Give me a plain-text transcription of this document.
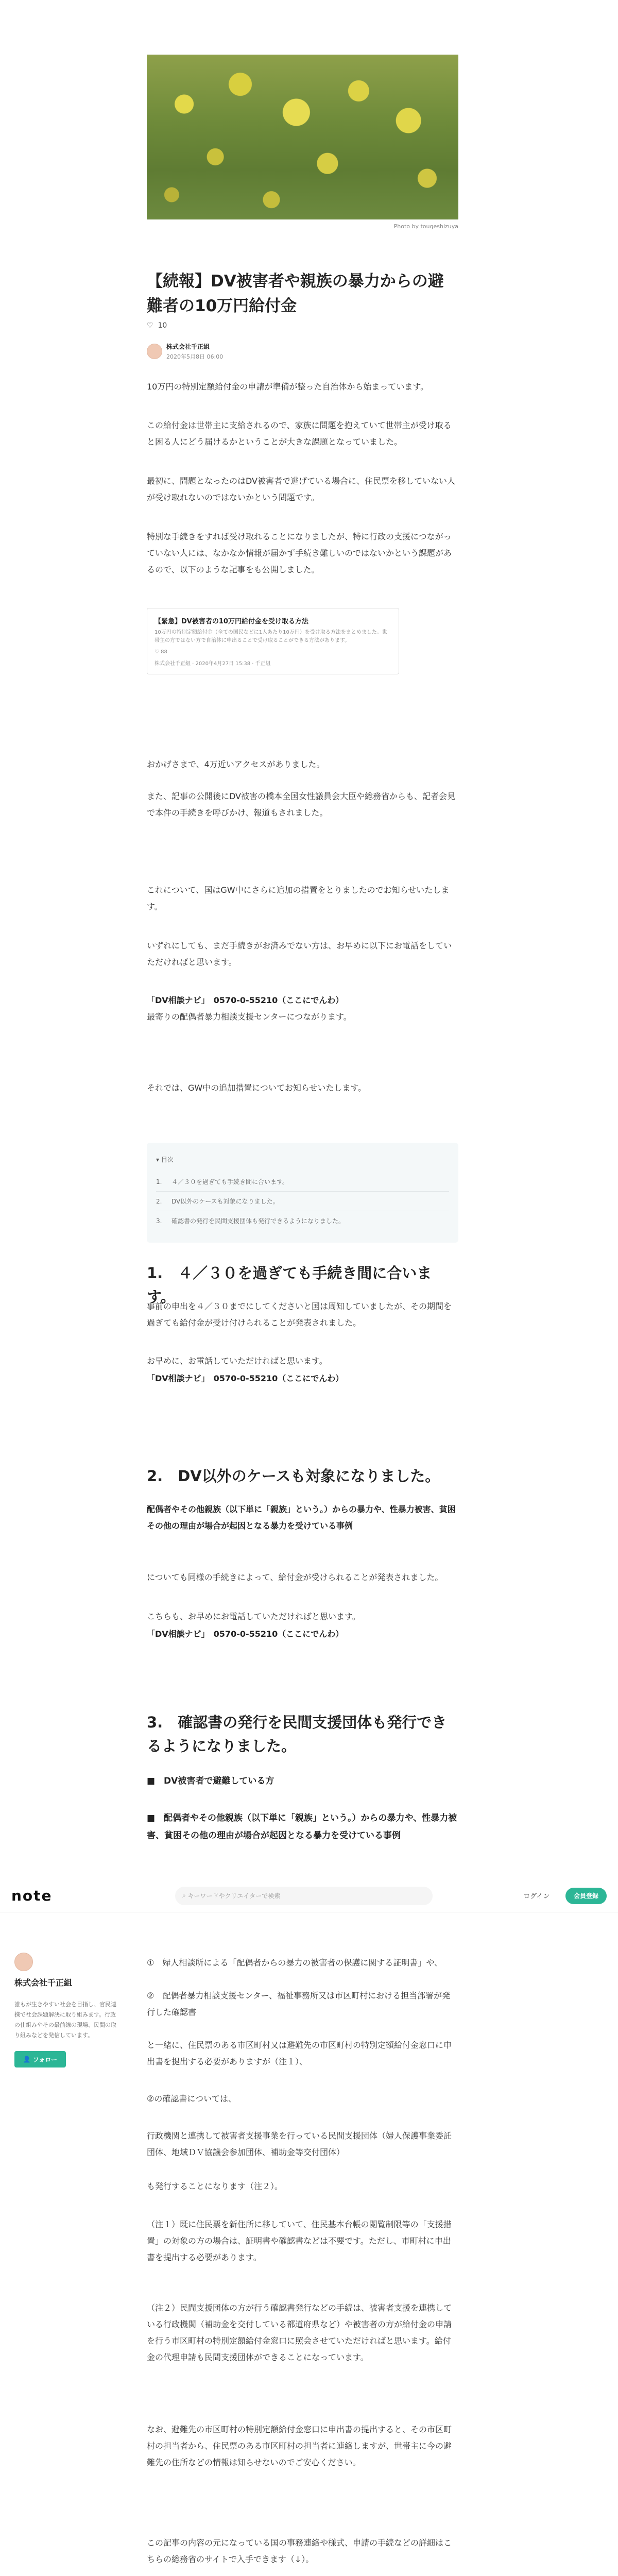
Photo by tougeshizuya
【続報】DV被害者や親族の暴力からの避難者の10万円給付金
♡ 10
株式会社千正組
2020年5月8日 06:00

10万円の特別定額給付金の申請が準備が整った自治体から始まっています。

この給付金は世帯主に支給されるので、家族に問題を抱えていて世帯主が受け取ると困る人にどう届けるかということが大きな課題となっていました。

最初に、問題となったのはDV被害者で逃げている場合に、住民票を移していない人が受け取れないのではないかという問題です。

特別な手続きをすれば受け取れることになりましたが、特に行政の支援につながっていない人には、なかなか情報が届かず手続き難しいのではないかという課題があるので、以下のような記事をも公開しました。

【緊急】DV被害者の10万円給付金を受け取る方法
10万円の特別定額給付金（全ての国民などに1人あたり10万円）を受け取る方法をまとめました。世帯主の方ではない方で自治体に申出ることで受け取ることができる方法があります。
♡ 88
株式会社千正組 · 2020年4月27日 15:38 · 千正組

おかげさまで、4万近いアクセスがありました。

また、記事の公開後にDV被害の橋本全国女性議員会大臣や総務省からも、記者会見で本件の手続きを呼びかけ、報道もされました。

これについて、国はGW中にさらに追加の措置をとりましたのでお知らせいたします。

いずれにしても、まだ手続きがお済みでない方は、お早めに以下にお電話をしていただければと思います。

「DV相談ナビ」　0570-0-55210（ここにでんわ）

最寄りの配偶者暴力相談支援センターにつながります。

それでは、GW中の追加措置についてお知らせいたします。

▾ 目次
1. ４／３０を過ぎても手続き間に合います。
2. DV以外のケースも対象になりました。
3. 確認書の発行を民間支援団体も発行できるようになりました。
1.　４／３０を過ぎても手続き間に合います。

事前の申出を４／３０までにしてくださいと国は周知していましたが、その期間を過ぎても給付金が受け付けられることが発表されました。

お早めに、お電話していただければと思います。

「DV相談ナビ」　0570-0-55210（ここにでんわ）

2.　DV以外のケースも対象になりました。

配偶者やその他親族（以下単に「親族」という。）からの暴力や、性暴力被害、貧困その他の理由が場合が起因となる暴力を受けている事例

についても同様の手続きによって、給付金が受けられることが発表されました。

こちらも、お早めにお電話していただければと思います。

「DV相談ナビ」　0570-0-55210（ここにでんわ）

3.　確認書の発行を民間支援団体も発行できるようになりました。
■　DV被害者で避難している方
■　配偶者やその他親族（以下単に「親族」という。）からの暴力や、性暴力被害、貧困その他の理由が場合が起因となる暴力を受けている事例
note	⌕ キーワードやクリエイターで検索	ログイン	会員登録
株式会社千正組
誰もが生きやすい社会を目指し、官民連携で社会課題解決に取り組みます。行政の仕組みやその最前線の現場、民間の取り組みなどを発信しています。
👤 フォロー

①　婦人相談所による「配偶者からの暴力の被害者の保護に関する証明書」や、

②　配偶者暴力相談支援センター、福祉事務所又は市区町村における担当部署が発行した確認書

と一緒に、住民票のある市区町村又は避難先の市区町村の特別定額給付金窓口に申出書を提出する必要がありますが（注１）、

②の確認書については、

行政機関と連携して被害者支援事業を行っている民間支援団体（婦人保護事業委託団体、地域ＤＶ協議会参加団体、補助金等交付団体）

も発行することになります（注２）。

（注１）既に住民票を新住所に移していて、住民基本台帳の閲覧制限等の「支援措置」の対象の方の場合は、証明書や確認書などは不要です。ただし、市町村に申出書を提出する必要があります。

（注２）民間支援団体の方が行う確認書発行などの手続は、被害者支援を連携している行政機関（補助金を交付している都道府県など）や被害者の方が給付金の申請を行う市区町村の特別定額給付金窓口に照会させていただければと思います。給付金の代理申請も民間支援団体ができることになっています。

なお、避難先の市区町村の特別定額給付金窓口に申出書の提出すると、その市区町村の担当者から、住民票のある市区町村の担当者に連絡しますが、世帯主に今の避難先の住所などの情報は知らせないのでご安心ください。

この記事の内容の元になっている国の事務連絡や様式、申請の手続などの詳細はこちらの総務省のサイトで入手できます（↓）。
